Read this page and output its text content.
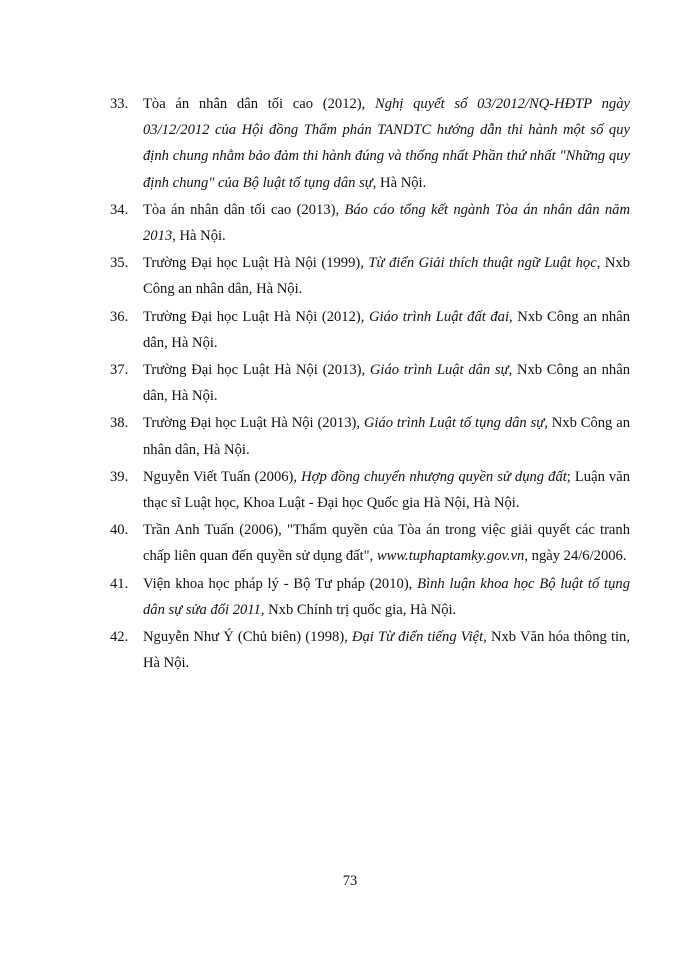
33.	Tòa án nhân dân tối cao (2012), Nghị quyết số 03/2012/NQ-HĐTP ngày 03/12/2012 của Hội đồng Thẩm phán TANDTC hướng dẫn thi hành một số quy định chung nhằm bảo đảm thi hành đúng và thống nhất Phần thứ nhất "Những quy định chung" của Bộ luật tố tụng dân sự, Hà Nội.
34.	Tòa án nhân dân tối cao (2013), Báo cáo tổng kết ngành Tòa án nhân dân năm 2013, Hà Nội.
35.	Trường Đại học Luật Hà Nội (1999), Từ điển Giải thích thuật ngữ Luật học, Nxb Công an nhân dân, Hà Nội.
36.	Trường Đại học Luật Hà Nội (2012), Giáo trình Luật đất đai, Nxb Công an nhân dân, Hà Nội.
37.	Trường Đại học Luật Hà Nội (2013), Giáo trình Luật dân sự, Nxb Công an nhân dân, Hà Nội.
38.	Trường Đại học Luật Hà Nội (2013), Giáo trình Luật tố tụng dân sự, Nxb Công an nhân dân, Hà Nội.
39.	Nguyễn Viết Tuấn (2006), Hợp đồng chuyển nhượng quyền sử dụng đất; Luận văn thạc sĩ Luật học, Khoa Luật - Đại học Quốc gia Hà Nội, Hà Nội.
40.	Trần Anh Tuấn (2006), "Thẩm quyền của Tòa án trong việc giải quyết các tranh chấp liên quan đến quyền sử dụng đất", www.tuphaptamky.gov.vn, ngày 24/6/2006.
41.	Viện khoa học pháp lý - Bộ Tư pháp (2010), Bình luận khoa học Bộ luật tố tụng dân sự sửa đổi 2011, Nxb Chính trị quốc gia, Hà Nội.
42.	Nguyễn Như Ý (Chủ biên) (1998), Đại Từ điển tiếng Việt, Nxb Văn hóa thông tin, Hà Nội.
73
